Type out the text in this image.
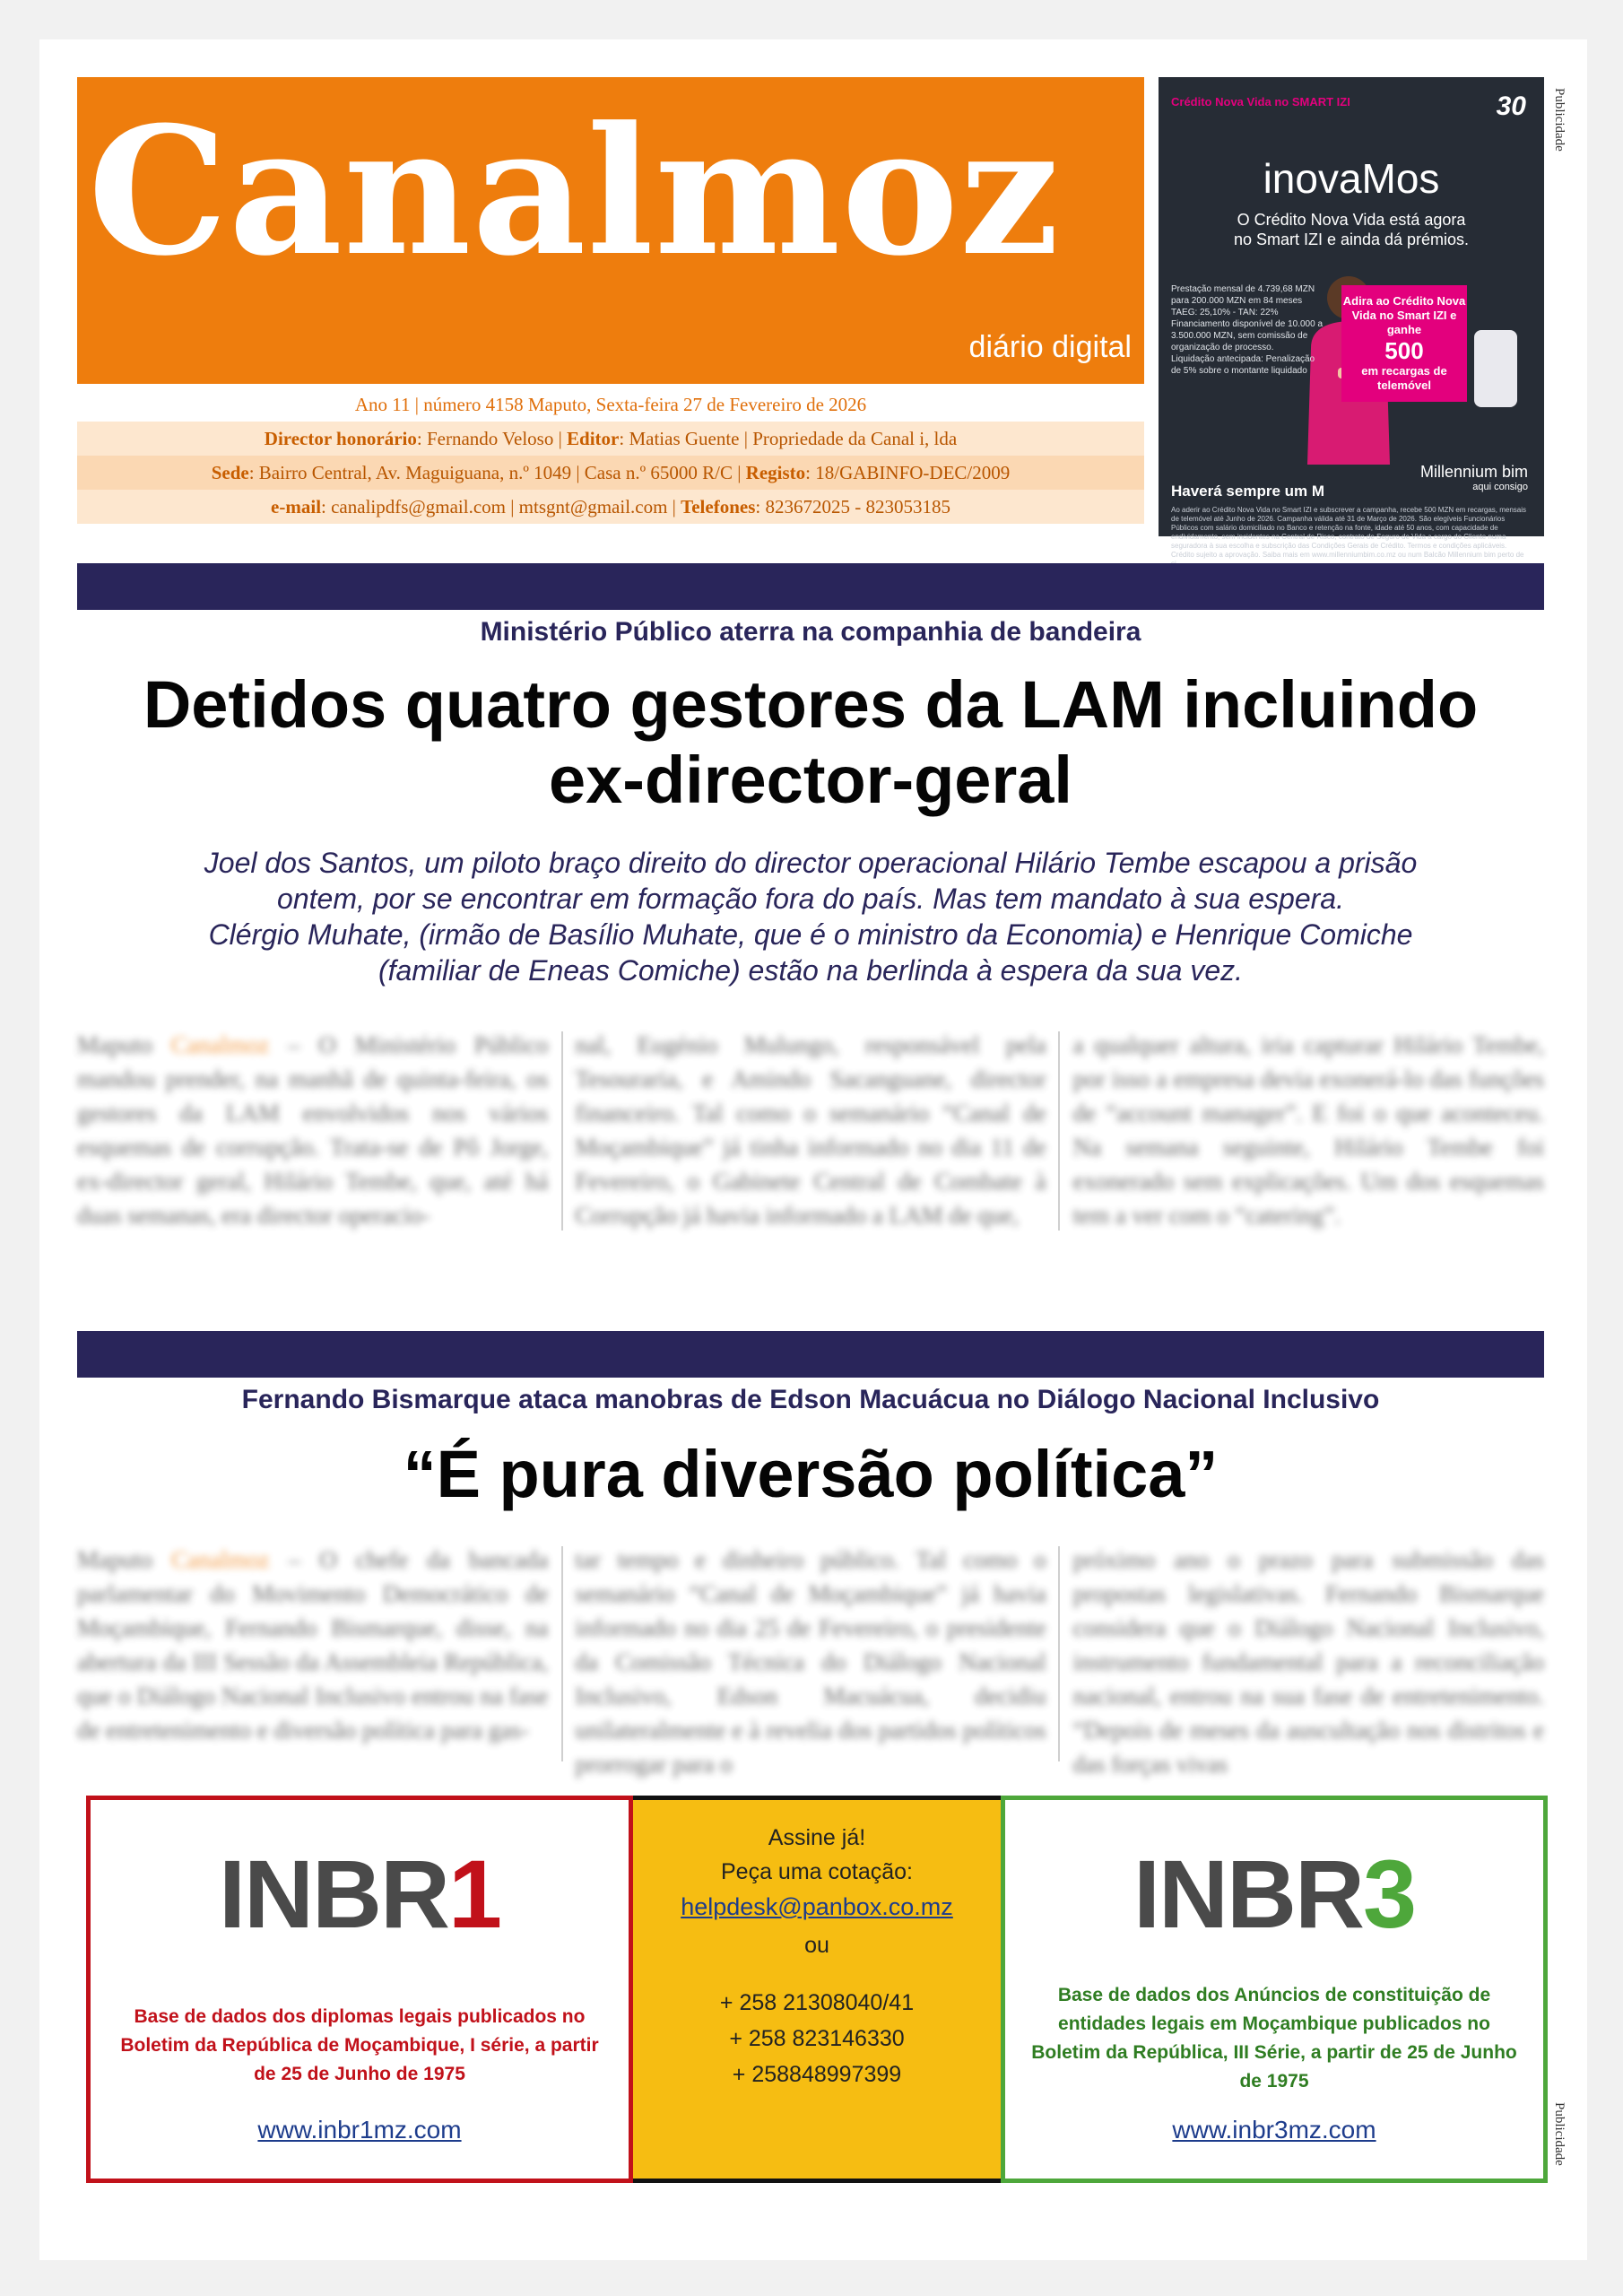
Canalmoz
diário digital
Ano 11 | número 4158 Maputo, Sexta-feira 27 de Fevereiro de 2026
Director honorário: Fernando Veloso | Editor: Matias Guente | Propriedade da Canal i, lda
Sede: Bairro Central, Av. Maguiguana, n.º 1049 | Casa n.º 65000 R/C | Registo: 18/GABINFO-DEC/2009
e-mail: canalipdfs@gmail.com | mtsgnt@gmail.com | Telefones: 823672025 - 823053185
Crédito Nova Vida no SMART IZI	30
inovaMos
O Crédito Nova Vida está agora
no Smart IZI e ainda dá prémios.
Prestação mensal de 4.739,68 MZN para 200.000 MZN em 84 meses
TAEG: 25,10% - TAN: 22%
Financiamento disponível de 10.000 a 3.500.000 MZN, sem comissão de organização de processo.
Liquidação antecipada: Penalização de 5% sobre o montante liquidado
Adira ao Crédito Nova Vida no Smart IZI e ganhe
500
em recargas de telemóvel
Millennium bim
aqui consigo
Haverá sempre um M
Ao aderir ao Crédito Nova Vida no Smart IZI e subscrever a campanha, recebe 500 MZN em recargas, mensais de telemóvel até Junho de 2026. Campanha válida até 31 de Março de 2026. São elegíveis Funcionários Públicos com salário domiciliado no Banco e retenção na fonte, idade até 50 anos, com capacidade de endividamento, sem incidentes na Central de Risco, contrato de Seguro de Vida a cargo do Cliente numa seguradora à sua escolha e subscrição das Condições Gerais de Crédito. Termos e condições aplicáveis. Crédito sujeito a aprovação. Saiba mais em www.millenniumbim.co.mz ou num Balcão Millennium bim perto de
Publicidade
Ministério Público aterra na companhia de bandeira
Detidos quatro gestores da LAM incluindo
ex-director-geral
Joel dos Santos, um piloto braço direito do director operacional Hilário Tembe escapou a prisão
ontem, por se encontrar em formação fora do país. Mas tem mandato à sua espera.
Clérgio Muhate, (irmão de Basílio Muhate, que é o ministro da Economia) e Henrique Comiche
(familiar de Eneas Comiche) estão na berlinda à espera da sua vez.
Maputo Canalmoz – O Ministério Público mandou prender, na manhã de quinta-feira, os gestores da LAM envolvidos nos vários esquemas de corrupção. Trata-se de Pô Jorge, ex-director geral, Hilário Tembe, que, até há duas semanas, era director operacio-
nal, Eugénio Mulungo, responsável pela Tesouraria, e Amindo Sacanguane, director financeiro. Tal como o semanário “Canal de Moçambique” já tinha informado no dia 11 de Fevereiro, o Gabinete Central de Combate à Corrupção já havia informado a LAM de que,
a qualquer altura, iria capturar Hilário Tembe, por isso a empresa devia exonerá-lo das funções de “account manager”. E foi o que aconteceu. Na semana seguinte, Hilário Tembe foi exonerado sem explicações. Um dos esquemas tem a ver com o “catering”.
Fernando Bismarque ataca manobras de Edson Macuácua no Diálogo Nacional Inclusivo
“É pura diversão política”
Maputo Canalmoz – O chefe da bancada parlamentar do Movimento Democrático de Moçambique, Fernando Bismarque, disse, na abertura da III Sessão da Assembleia República, que o Diálogo Nacional Inclusivo entrou na fase de entretenimento e diversão política para gas-
tar tempo e dinheiro público. Tal como o semanário “Canal de Moçambique” já havia informado no dia 25 de Fevereiro, o presidente da Comissão Técnica do Diálogo Nacional Inclusivo, Edson Macuácua, decidiu unilateralmente e à revelia dos partidos políticos prorrogar para o
próximo ano o prazo para submissão das propostas legislativas. Fernando Bismarque considera que o Diálogo Nacional Inclusivo, instrumento fundamental para a reconciliação nacional, entrou na sua fase de entretenimento. “Depois de meses da auscultação nos distritos e das forças vivas
INBR1
Base de dados dos diplomas legais publicados no Boletim da República de Moçambique, I série, a partir de 25 de Junho de 1975
www.inbr1mz.com
Assine já!
Peça uma cotação:
helpdesk@panbox.co.mz
ou
+ 258 21308040/41
+ 258 823146330
+ 258848997399
INBR3
Base de dados dos Anúncios de constituição de entidades legais em Moçambique publicados no Boletim da República, III Série, a partir de 25 de Junho de 1975
www.inbr3mz.com	Publicidade
